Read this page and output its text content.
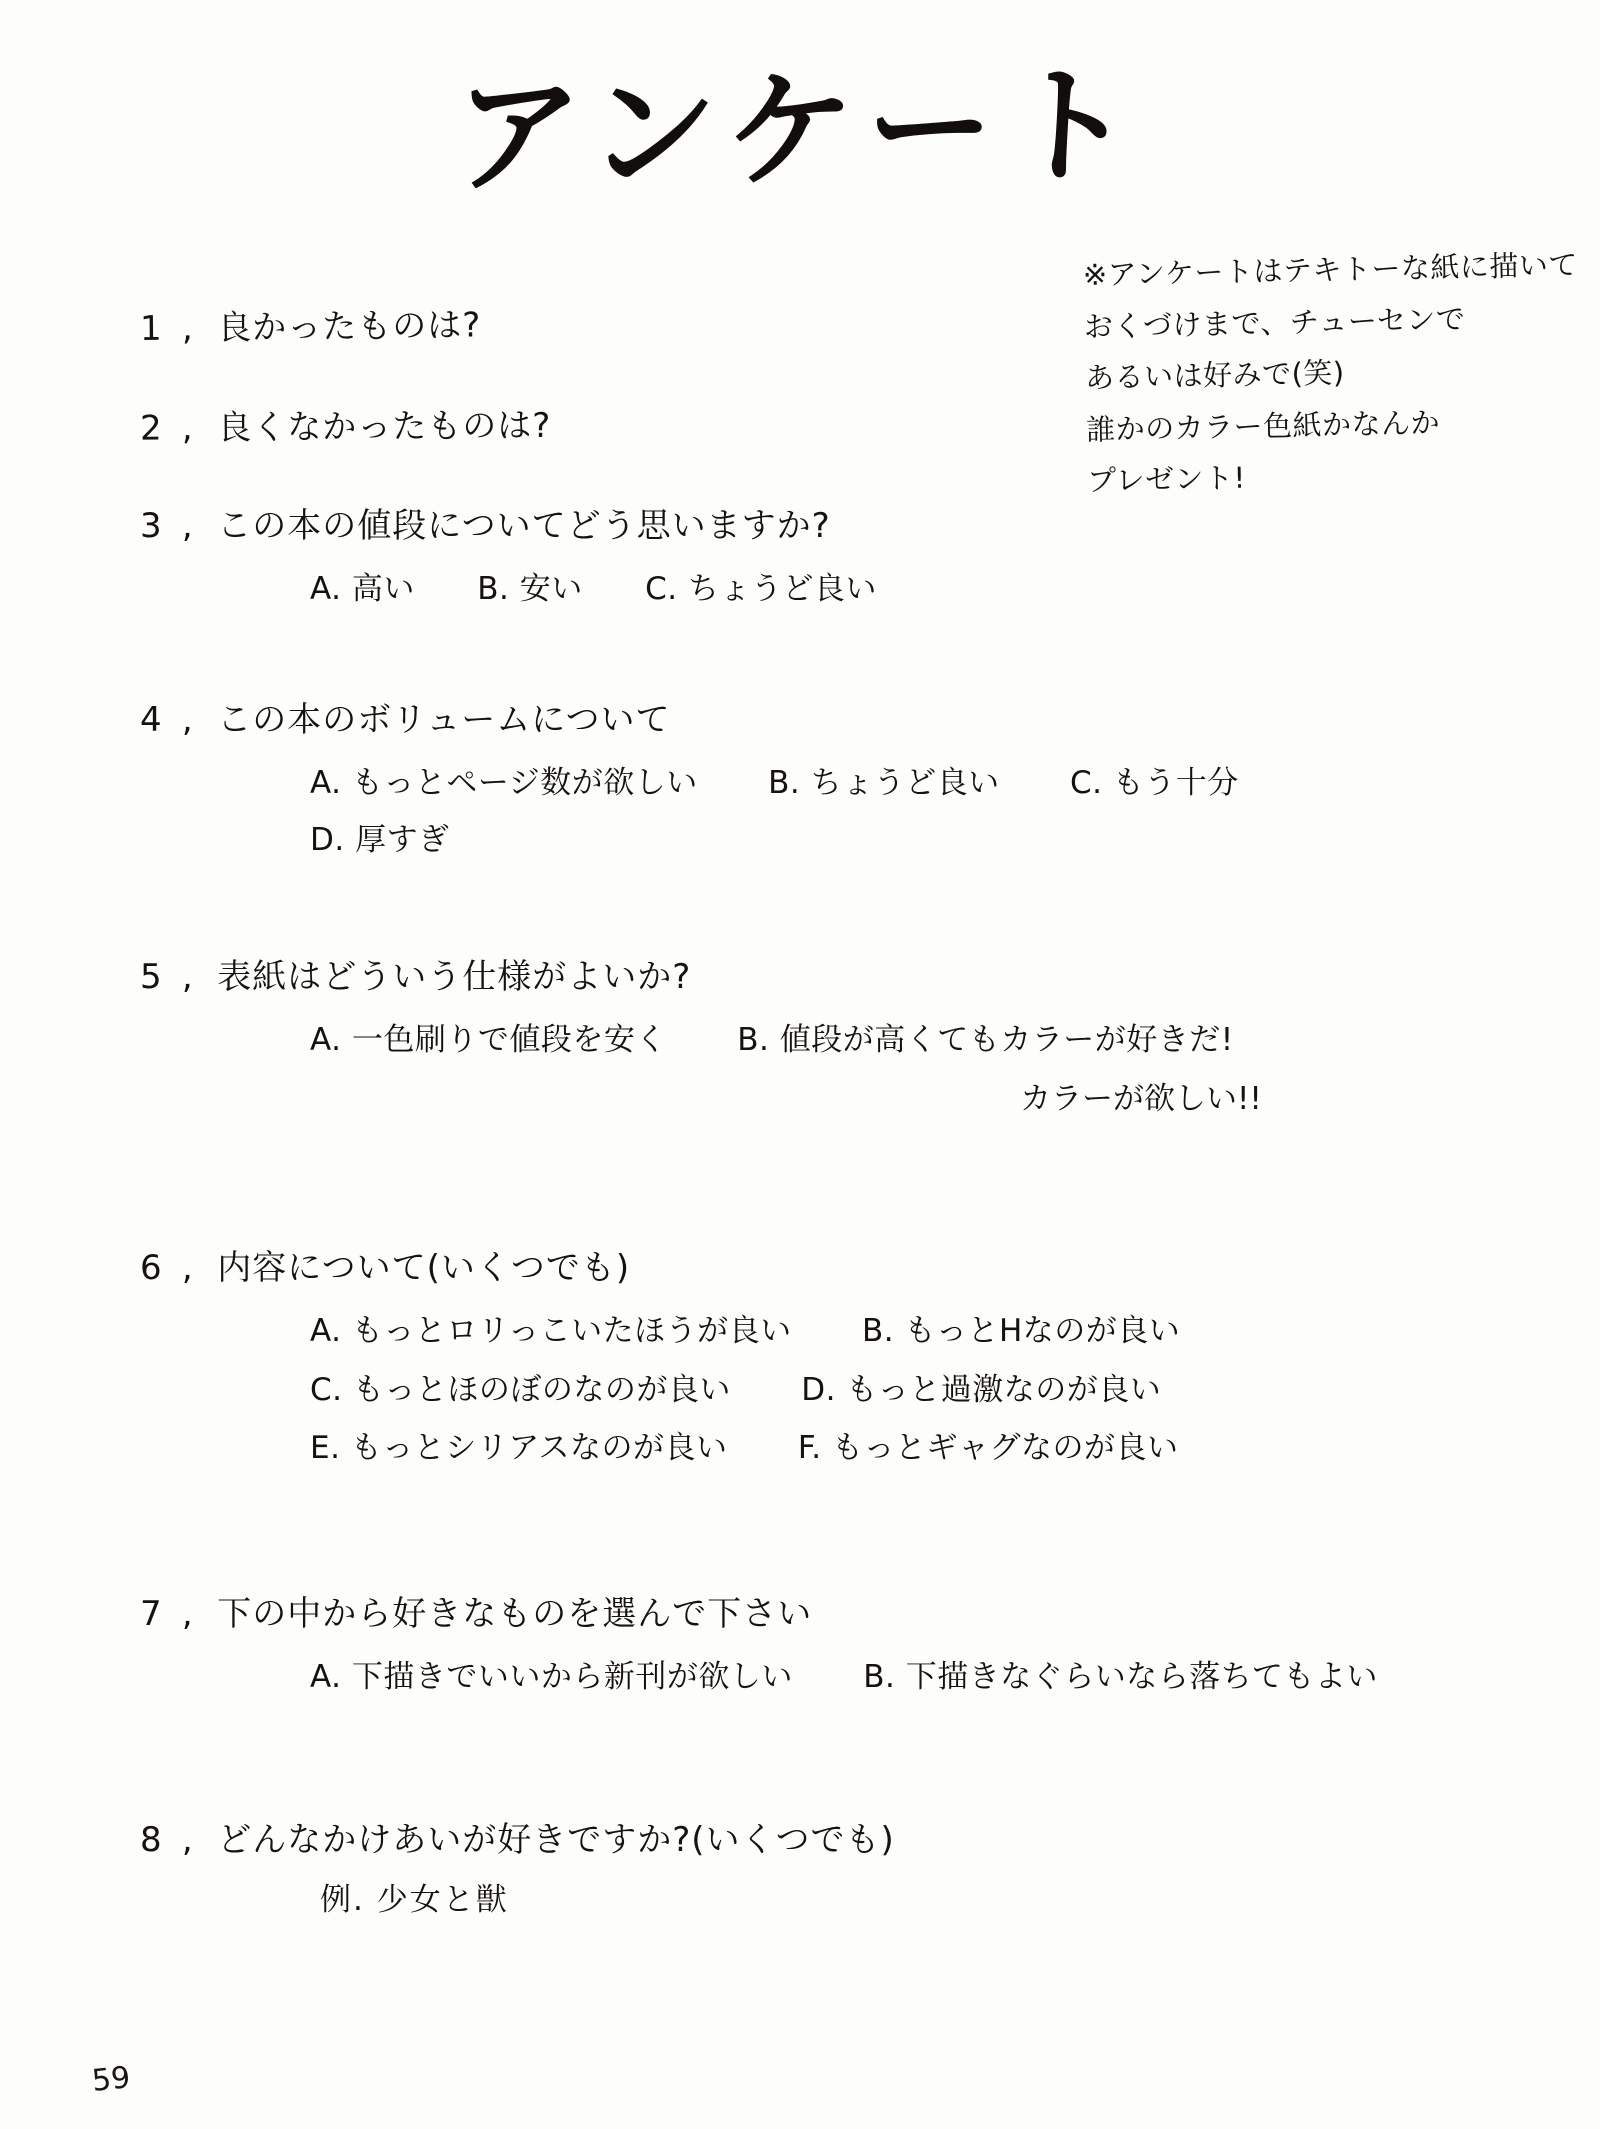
アンケート
※アンケートはテキトーな紙に描いて
おくづけまで、チューセンで
あるいは好みで(笑)
誰かのカラー色紙かなんか
プレゼント!
1 ,  良かったものは?
2 ,  良くなかったものは?
3 ,  この本の値段についてどう思いますか?
A. 高い B. 安い C. ちょうど良い
4 ,  この本のボリュームについて
A. もっとページ数が欲しい B. ちょうど良い C. もう十分
D. 厚すぎ
5 ,  表紙はどういう仕様がよいか?
A. 一色刷りで値段を安く B. 値段が高くてもカラーが好きだ!
カラーが欲しい!!
6 ,  内容について(いくつでも)
A. もっとロリっこいたほうが良い B. もっとHなのが良い
C. もっとほのぼのなのが良い D. もっと過激なのが良い
E. もっとシリアスなのが良い F. もっとギャグなのが良い
7 ,  下の中から好きなものを選んで下さい
A. 下描きでいいから新刊が欲しい B. 下描きなぐらいなら落ちてもよい
8 ,  どんなかけあいが好きですか?(いくつでも)
例. 少女と獣
59
